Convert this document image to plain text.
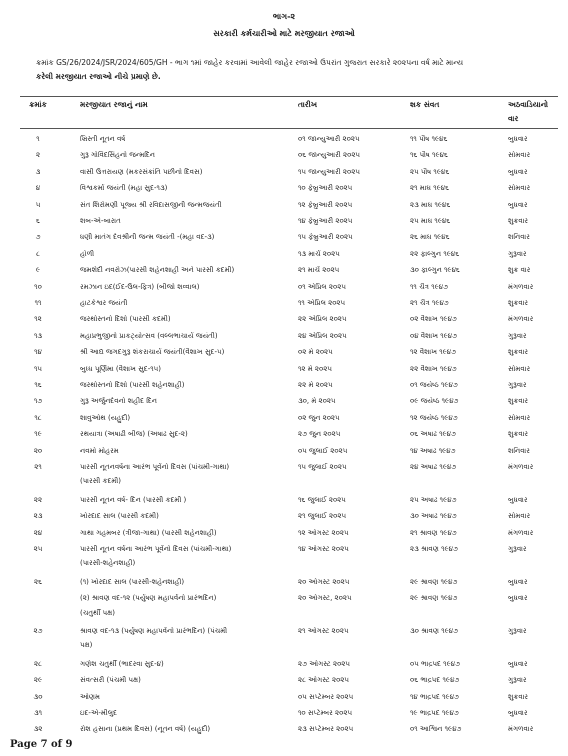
ભાગ-૨
સરકારી કર્મચારીઓ માટે મરજીયાત રજાઓ
ક્રમાંક GS/26/2024/JSR/2024/605/GH - ભાગ ૧માં જાહેર કરવામાં આવેલી જાહેર રજાઓ ઉપરાંત ગુજરાત સરકારે ૨૦૨૫ના વર્ષ માટે માન્ય
કરેલી મરજીયાત રજાઓ નીચે પ્રમાણે છે.
ક્રમાંક	મરજીયાત રજાનું નામ	તારીખ	શક સંવત	અઠવાડિયાનો
વાર
૧	ખ્રિસ્તી નૂતન વર્ષ	૦૧ જાન્યુઆરી ૨૦૨૫	૧૧ પૌષ ૧૯૪૬	બુધવાર
૨	ગુરૂ ગોવિંદસિંહનો જન્મદિન	૦૬ જાન્યુઆરી ૨૦૨૫	૧૬ પૌષ ૧૯૪૬	સોમવાર
૩	વાસી ઉત્તરાયણ (મકરસંક્રાંતિ પછીનો દિવસ)	૧૫ જાન્યુઆરી ૨૦૨૫	૨૫ પૌષ ૧૯૪૬	બુધવાર
૪	વિશ્વકર્મા જયંતી (મહા સુદ-૧૩)	૧૦ ફેબ્રુઆરી ૨૦૨૫	૨૧ માઘ ૧૯૪૬	સોમવાર
૫	સંત શિરોમણી પૂજ્ય શ્રી રવિદાસજીની જન્મજયંતી	૧૨ ફેબ્રુઆરી ૨૦૨૫	૨૩ માઘ ૧૯૪૬	બુધવાર
૬	શબ-એ-બારાત	૧૪ ફેબ્રુઆરી ૨૦૨૫	૨૫ માઘ ૧૯૪૬	શુક્રવાર
૭	ધણી માતંગ દેવશ્રીની જન્મ જયંતી -(મહા વદ-૩)	૧૫ ફેબ્રુઆરી ૨૦૨૫	૨૬ માઘ ૧૯૪૬	શનિવાર
૮	હોળી	૧૩ માર્ચ ૨૦૨૫	૨૨ ફાલ્ગુન ૧૯૪૬	ગુરૂવાર
૯	જમશેદી નવરોઝ(પારસી શહેનશાહી અને પારસી કદમી)	૨૧ માર્ચ ૨૦૨૫	૩૦ ફાલ્ગુન ૧૯૪૬	શુક્ર વાર
૧૦	રમઝાન ઇદ(ઈદ-ઉલ-ફિત્ર) (બીજો શવ્વાલ)	૦૧ એપ્રિલ ૨૦૨૫	૧૧ ચૈત્ર ૧૯૪૭	મંગળવાર
૧૧	હાટકેશ્વર જયંતી	૧૧ એપ્રિલ ૨૦૨૫	૨૧ ચૈત્ર ૧૯૪૭	શુક્રવાર
૧૨	જરથોસ્તનો દિશો (પારસી કદમી)	૨૨ એપ્રિલ ૨૦૨૫	૦૨ વૈશાખ ૧૯૪૭	મંગળવાર
૧૩	મહાપ્રભુજીનો પ્રાકટ્યોત્સવ (વલ્લભાચાર્ય જયંતી)	૨૪ એપ્રિલ ૨૦૨૫	૦૪ વૈશાખ ૧૯૪૭	ગુરૂવાર
૧૪	શ્રી આદ્ય જગદગુરૂ શંકરાચાર્ય જયંતી(વૈશાખ સુદ-૫)	૦૨ મે ૨૦૨૫	૧૨ વૈશાખ ૧૯૪૭	શુક્રવાર
૧૫	બુધ્ધ પૂર્ણિમા (વૈશાખ સુદ-૧૫)	૧૨ મે ૨૦૨૫	૨૨ વૈશાખ ૧૯૪૭	સોમવાર
૧૬	જરથોસ્તનો દિશો (પારસી શહેનશાહી)	૨૨ મે ૨૦૨૫	૦૧ જયેષ્ઠ ૧૯૪૭	ગુરૂવાર
૧૭	ગુરૂ અર્જુનદેવનો શહીદ દિન	૩૦, મે ૨૦૨૫	૦૯ જયેષ્ઠ ૧૯૪૭	શુક્રવાર
૧૮	શાવુઓથ (યહુદી)	૦૨ જુન ૨૦૨૫	૧૨ જયેષ્ઠ ૧૯૪૭	સોમવાર
૧૯	રથયાત્રા (અષાઢી બીજ) (અષાઢ સુદ-૨)	૨૭ જુન ૨૦૨૫	૦૬ અષાઢ ૧૯૪૭	શુક્રવાર
૨૦	નવમો મોહરમ	૦૫ જુલાઈ ૨૦૨૫	૧૪ અષાઢ ૧૯૪૭	શનિવાર
૨૧	પારસી નૂતનવર્ષના આરંભ પૂર્વેનો દિવસ (પાંચમી-ગાથા)	૧૫ જુલાઈ ૨૦૨૫	૨૪ અષાઢ ૧૯૪૭	મંગળવાર
(પારસી કદમી)
૨૨	પારસી નૂતન વર્ષ- દિન (પારસી કદમી )	૧૬ જુલાઈ ૨૦૨૫	૨૫ અષાઢ ૧૯૪૭	બુધવાર
૨૩	ખોરદાદ સાલ (પારસી કદમી)	૨૧ જુલાઈ ૨૦૨૫	૩૦ અષાઢ ૧૯૪૭	સોમવાર
૨૪	ગાથા ગહમબર (ત્રીજા-ગાથા) (પારસી શહેનશાહી)	૧૨ ઓગસ્ટ ૨૦૨૫	૨૧ શ્રાવણ ૧૯૪૭	મંગળવાર
૨૫	પારસી નૂતન વર્ષના આરંભ પૂર્વેનો દિવસ (પાંચમી-ગાથા)	૧૪ ઓગસ્ટ ૨૦૨૫	૨૩ શ્રાવણ ૧૯૪૭	ગુરૂવાર
(પારસી-શહેનશાહી)
૨૬	(૧) ખોરદાદ સાલ (પારસી-શહેનશાહી)	૨૦ ઓગસ્ટ ૨૦૨૫	૨૯ શ્રાવણ ૧૯૪૭	બુધવાર
(૨) શ્રાવણ વદ-૧૨ (પર્યુષણ મહાપર્વનો પ્રારંભદિન)	૨૦ ઓગસ્ટ, ૨૦૨૫	૨૯ શ્રાવણ ૧૯૪૭	બુધવાર
(ચતુર્થી પક્ષ)
૨૭	શ્રાવણ વદ-૧૩ (પર્યુષણ મહાપર્વનો પ્રારંભદિન) (પંચમી	૨૧ ઓગસ્ટ ૨૦૨૫	૩૦ શ્રાવણ ૧૯૪૭	ગુરૂવાર
પક્ષ)
૨૮	ગણેશ ચતુર્થી (ભાદરવા સુદ-૪)	૨૭ ઓગસ્ટ ૨૦૨૫	૦૫ ભાદ્રપદ ૧૯૪૭	બુધવાર
૨૯	સંવત્સરી (પંચમી પક્ષ)	૨૮ ઓગસ્ટ ૨૦૨૫	૦૬ ભાદ્રપદ ૧૯૪૭	ગુરૂવાર
૩૦	ઓણમ	૦૫ સપ્ટેમ્બર ૨૦૨૫	૧૪ ભાદ્રપદ ૧૯૪૭	શુક્રવાર
૩૧	ઇદ-એ-મીલુદ	૧૦ સપ્ટેમ્બર ૨૦૨૫	૧૯ ભાદ્રપદ ૧૯૪૭	બુધવાર
૩૨	રોશ હસાના (પ્રથમ દિવસ) (નૂતન વર્ષ) (યહુદી)	૨૩ સપ્ટેમ્બર ૨૦૨૫	૦૧ આશ્વિન ૧૯૪૭	મંગળવાર
Page 7 of 9
